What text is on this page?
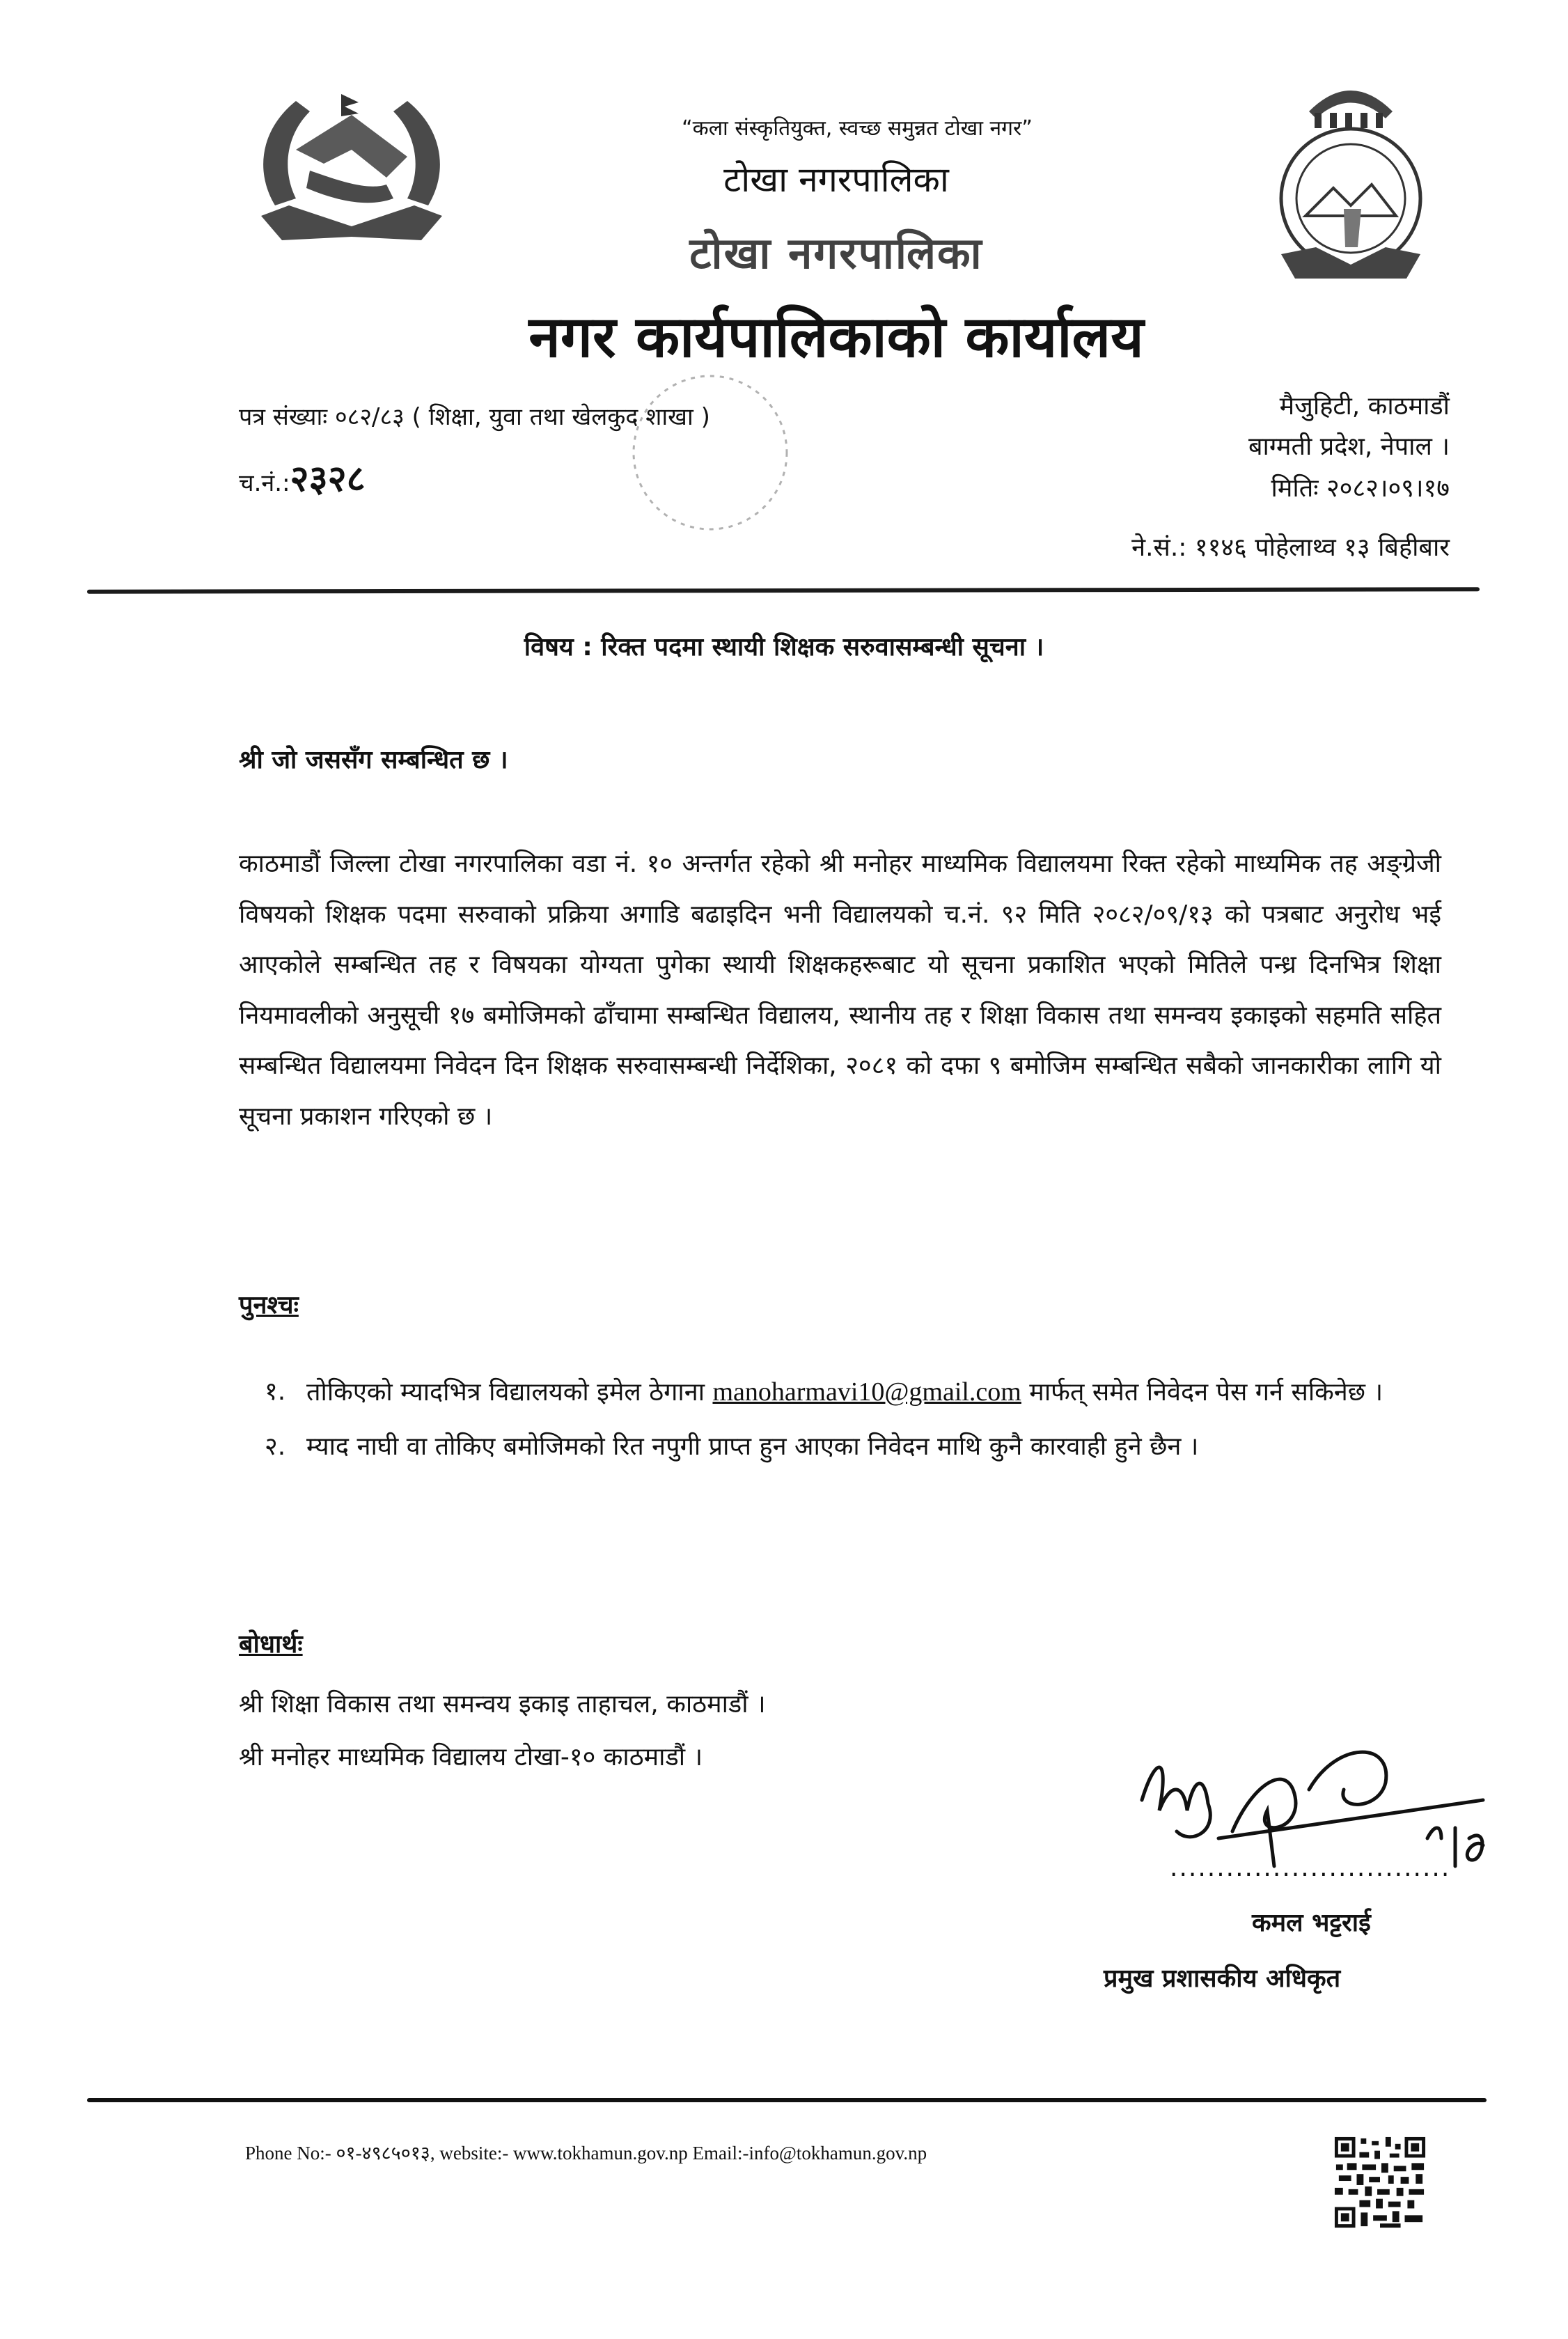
“कला संस्कृतियुक्त, स्वच्छ समुन्नत टोखा नगर”
टोखा नगरपालिका
टोखा नगरपालिका
नगर कार्यपालिकाको कार्यालय
पत्र संख्याः ०८२/८३ ( शिक्षा, युवा तथा खेलकुद शाखा )
च.नं.:२३२८
मैजुहिटी, काठमाडौं
बाग्मती प्रदेश, नेपाल ।
मितिः २०८२।०९।१७
ने.सं.: ११४६ पोहेलाथ्व १३ बिहीबार
विषय : रिक्त पदमा स्थायी शिक्षक सरुवासम्बन्धी सूचना ।
श्री जो जससँग सम्बन्धित छ ।
काठमाडौं जिल्ला टोखा नगरपालिका वडा नं. १० अन्तर्गत रहेको श्री मनोहर माध्यमिक विद्यालयमा रिक्त रहेको माध्यमिक तह अङ्ग्रेजी विषयको शिक्षक पदमा सरुवाको प्रक्रिया अगाडि बढाइदिन भनी विद्यालयको च.नं. ९२ मिति २०८२/०९/१३ को पत्रबाट अनुरोध भई आएकोले सम्बन्धित तह र विषयका योग्यता पुगेका स्थायी शिक्षकहरूबाट यो सूचना प्रकाशित भएको मितिले पन्ध्र दिनभित्र शिक्षा नियमावलीको अनुसूची १७ बमोजिमको ढाँचामा सम्बन्धित विद्यालय, स्थानीय तह र शिक्षा विकास तथा समन्वय इकाइको सहमति सहित सम्बन्धित विद्यालयमा निवेदन दिन शिक्षक सरुवासम्बन्धी निर्देशिका, २०८१ को दफा ९ बमोजिम सम्बन्धित सबैको जानकारीका लागि यो सूचना प्रकाशन गरिएको छ ।
पुनश्चः
१. तोकिएको म्यादभित्र विद्यालयको इमेल ठेगाना manoharmavi10@gmail.com मार्फत् समेत निवेदन पेस गर्न सकिनेछ ।
२. म्याद नाघी वा तोकिए बमोजिमको रित नपुगी प्राप्त हुन आएका निवेदन माथि कुनै कारवाही हुने छैन ।
बोधार्थः
श्री शिक्षा विकास तथा समन्वय इकाइ ताहाचल, काठमाडौं ।
श्री मनोहर माध्यमिक विद्यालय टोखा-१० काठमाडौं ।
..............................
कमल भट्टराई
प्रमुख प्रशासकीय अधिकृत
Phone No:- ०१-४९८५०१३, website:- www.tokhamun.gov.np Email:-info@tokhamun.gov.np
